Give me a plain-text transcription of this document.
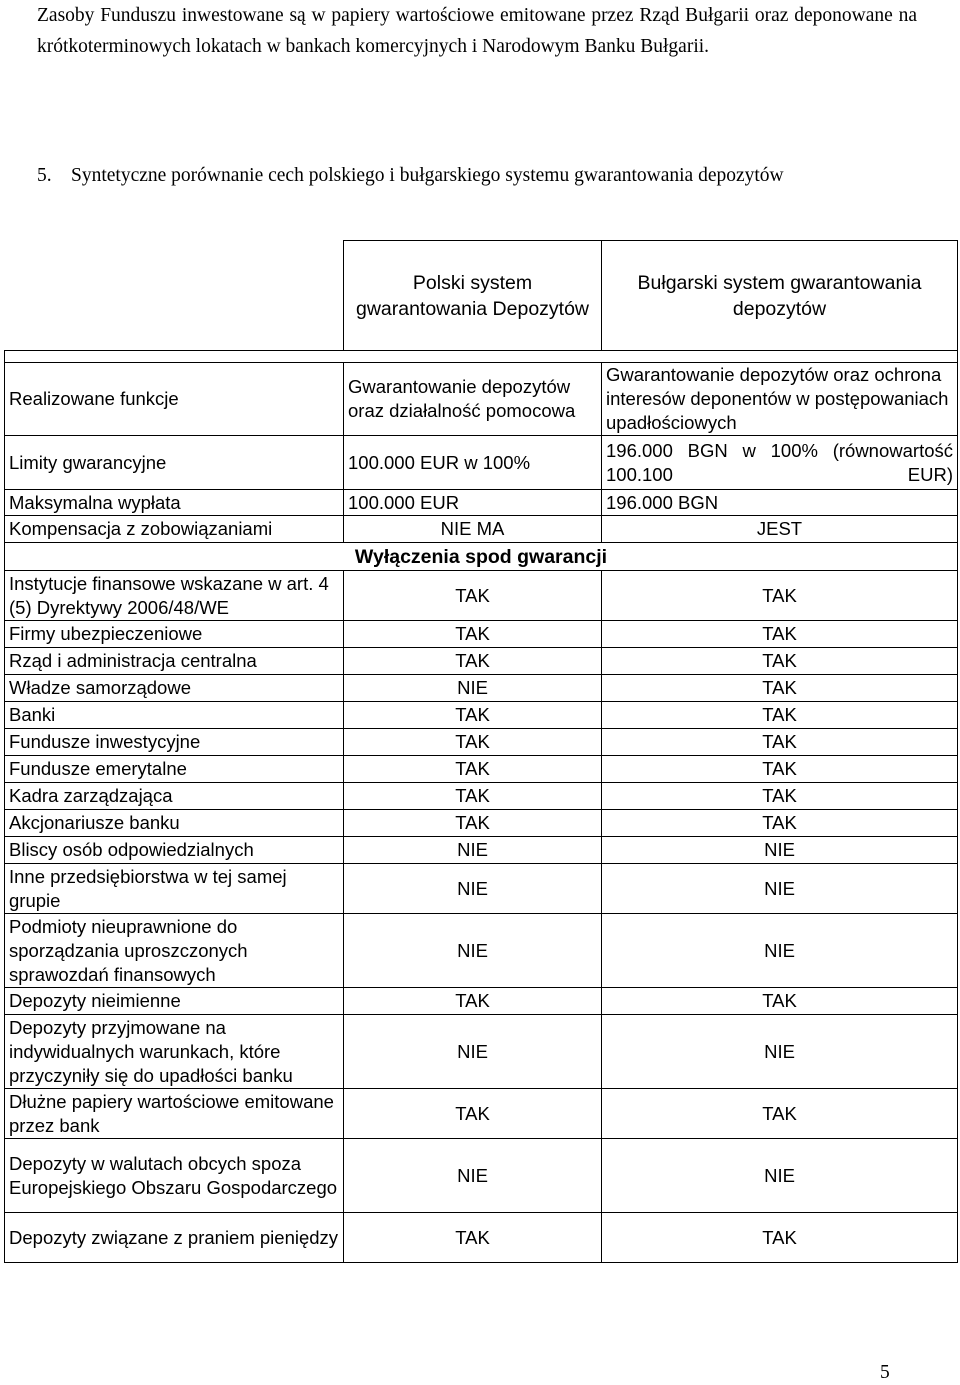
Zasoby Funduszu inwestowane są w papiery wartościowe emitowane przez Rząd Bułgarii oraz deponowane na krótkoterminowych lokatach w bankach komercyjnych i Narodowym Banku Bułgarii.
5. Syntetyczne porównanie cech polskiego i bułgarskiego systemu gwarantowania depozytów
	Polski system gwarantowania Depozytów	Bułgarski system gwarantowania depozytów

Realizowane funkcje	Gwarantowanie depozytów oraz działalność pomocowa	Gwarantowanie depozytów oraz ochrona interesów deponentów w postępowaniach upadłościowych
Limity gwarancyjne	100.000 EUR w 100%	196.000 BGN w 100% (równowartość 100.100 EUR)
Maksymalna wypłata	100.000 EUR	196.000 BGN
Kompensacja z zobowiązaniami	NIE MA	JEST
Wyłączenia spod gwarancji		
Instytucje finansowe wskazane w art. 4 (5) Dyrektywy 2006/48/WE	TAK	TAK
Firmy ubezpieczeniowe	TAK	TAK
Rząd i administracja centralna	TAK	TAK
Władze samorządowe	NIE	TAK
Banki	TAK	TAK
Fundusze inwestycyjne	TAK	TAK
Fundusze emerytalne	TAK	TAK
Kadra zarządzająca	TAK	TAK
Akcjonariusze banku	TAK	TAK
Bliscy osób odpowiedzialnych	NIE	NIE
Inne przedsiębiorstwa w tej samej grupie	NIE	NIE
Podmioty nieuprawnione do sporządzania uproszczonych sprawozdań finansowych	NIE	NIE
Depozyty nieimienne	TAK	TAK
Depozyty przyjmowane na indywidualnych warunkach, które przyczyniły się do upadłości banku	NIE	NIE
Dłużne papiery wartościowe emitowane przez bank	TAK	TAK
Depozyty w walutach obcych spoza Europejskiego Obszaru Gospodarczego	NIE	NIE
Depozyty związane z praniem pieniędzy	TAK	TAK
5
